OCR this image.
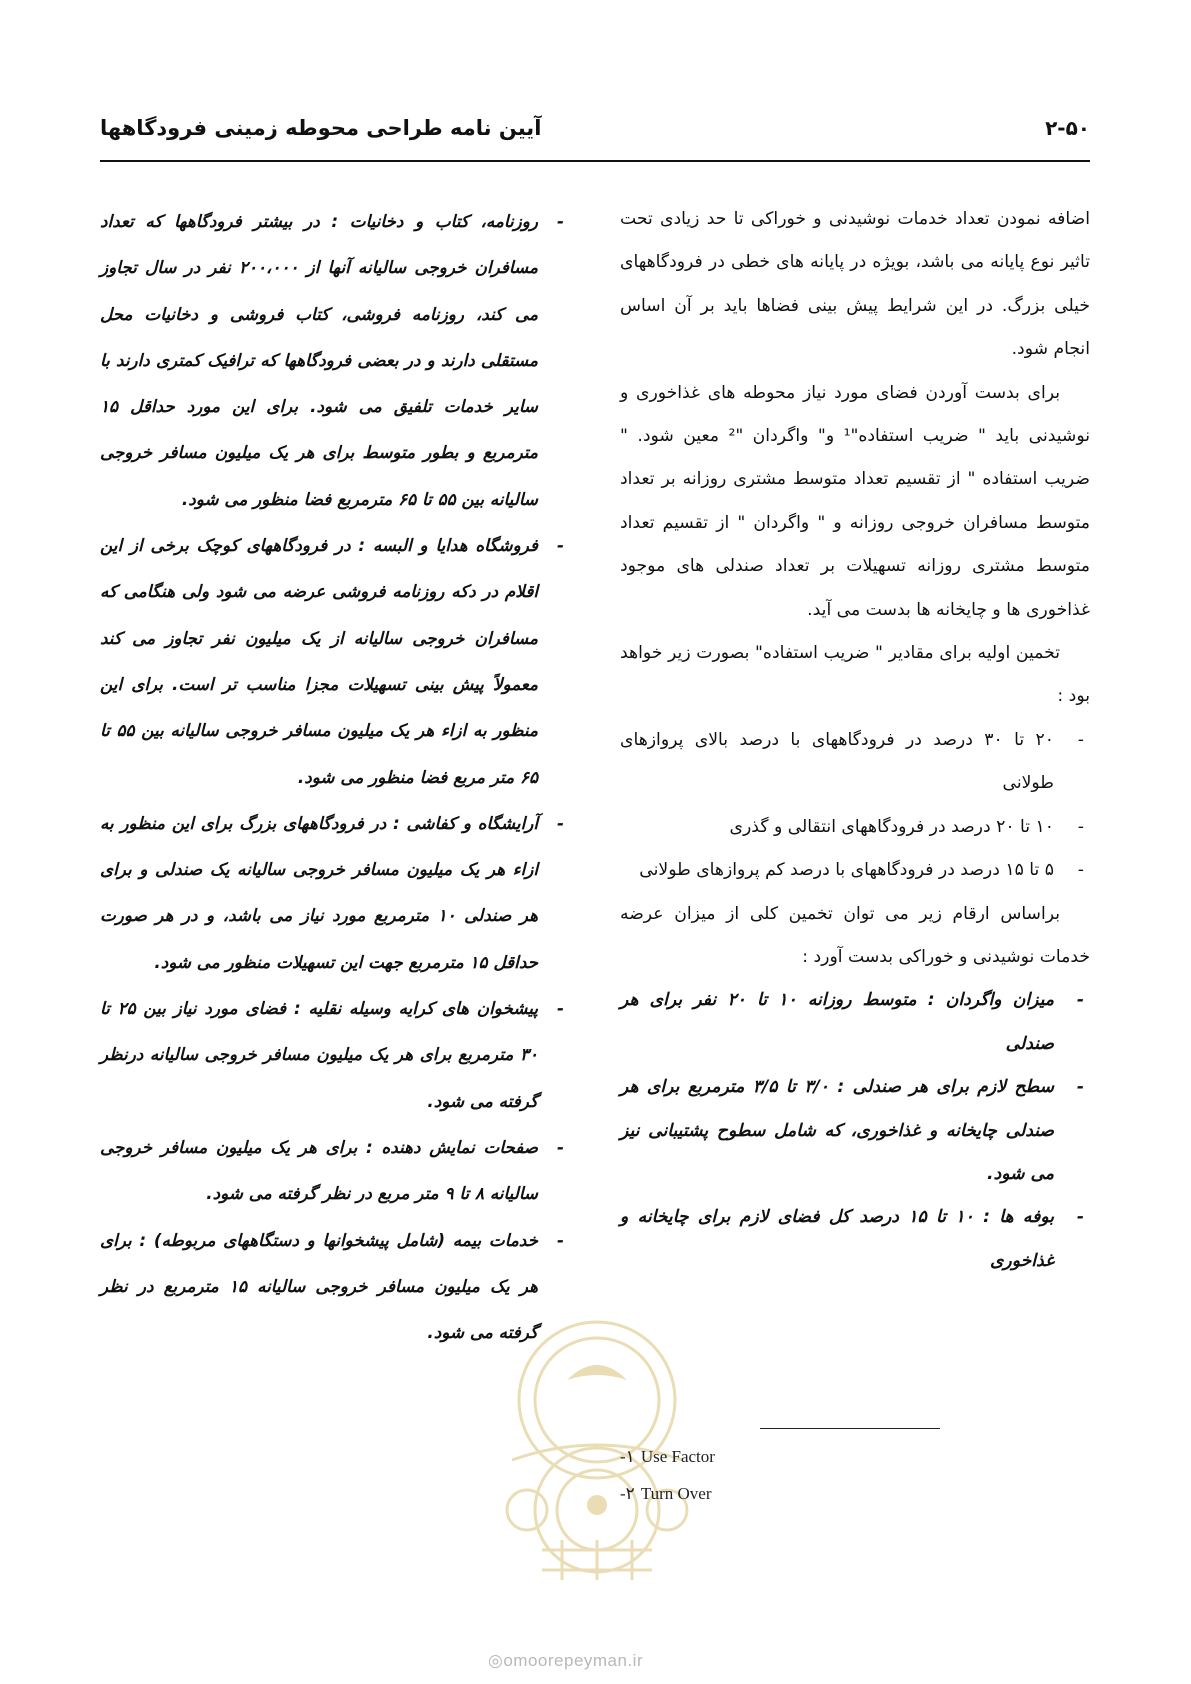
آیین نامه طراحی محوطه زمینی فرودگاهها	۲-۵۰

اضافه نمودن تعداد خدمات نوشیدنی و خوراکی تا حد زیادی تحت تاثیر نوع پایانه می باشد، بویژه در پایانه های خطی در فرودگاههای خیلی بزرگ. در این شرایط پیش بینی فضاها باید بر آن اساس انجام شود.

برای بدست آوردن فضای مورد نیاز محوطه های غذاخوری و نوشیدنی باید " ضریب استفاده"¹ و" واگردان "² معین شود. " ضریب استفاده " از تقسیم تعداد متوسط مشتری روزانه بر تعداد متوسط مسافران خروجی روزانه و " واگردان " از تقسیم تعداد متوسط مشتری روزانه تسهیلات بر تعداد صندلی های موجود غذاخوری ها و چایخانه ها بدست می آید.

تخمین اولیه برای مقادیر " ضریب استفاده" بصورت زیر خواهد بود :

-
۲۰ تا ۳۰ درصد در فرودگاههای با درصد بالای پروازهای طولانی
-
۱۰ تا ۲۰ درصد در فرودگاههای انتقالی و گذری
-
۵ تا ۱۵ درصد در فرودگاههای با درصد کم پروازهای طولانی

براساس ارقام زیر می توان تخمین کلی از میزان عرضه خدمات نوشیدنی و خوراکی بدست آورد :

-
میزان واگردان : متوسط روزانه ۱۰ تا ۲۰ نفر برای هر صندلی
-
سطح لازم برای هر صندلی : ۳/۰ تا ۳/۵ مترمربع برای هر صندلی چایخانه و غذاخوری، که شامل سطوح پشتیبانی نیز می شود.
-
بوفه ها : ۱۰ تا ۱۵ درصد کل فضای لازم برای چایخانه و غذاخوری
-
روزنامه، کتاب و دخانیات : در بیشتر فرودگاهها که تعداد مسافران خروجی سالیانه آنها از ۲۰۰،۰۰۰ نفر در سال تجاوز می کند، روزنامه فروشی، کتاب فروشی و دخانیات محل مستقلی دارند و در بعضی فرودگاهها که ترافیک کمتری دارند با سایر خدمات تلفیق می شود. برای این مورد حداقل ۱۵ مترمربع و بطور متوسط برای هر یک میلیون مسافر خروجی سالیانه بین ۵۵ تا ۶۵ مترمربع فضا منظور می شود.
-
فروشگاه هدایا و البسه : در فرودگاههای کوچک برخی از این اقلام در دکه روزنامه فروشی عرضه می شود ولی هنگامی که مسافران خروجی سالیانه از یک میلیون نفر تجاوز می کند معمولاً پیش بینی تسهیلات مجزا مناسب تر است. برای این منظور به ازاء هر یک میلیون مسافر خروجی سالیانه بین ۵۵ تا ۶۵ متر مربع فضا منظور می شود.
-
آرایشگاه و کفاشی : در فرودگاههای بزرگ برای این منظور به ازاء هر یک میلیون مسافر خروجی سالیانه یک صندلی و برای هر صندلی ۱۰ مترمربع مورد نیاز می باشد، و در هر صورت حداقل ۱۵ مترمربع جهت این تسهیلات منظور می شود.
-
پیشخوان های کرایه وسیله نقلیه : فضای مورد نیاز بین ۲۵ تا ۳۰ مترمربع برای هر یک میلیون مسافر خروجی سالیانه درنظر گرفته می شود.
-
صفحات نمایش دهنده : برای هر یک میلیون مسافر خروجی سالیانه ۸ تا ۹ متر مربع در نظر گرفته می شود.
-
خدمات بیمه (شامل پیشخوانها و دستگاههای مربوطه) : برای هر یک میلیون مسافر خروجی سالیانه ۱۵ مترمربع در نظر گرفته می شود.
۱- Use Factor
۲- Turn Over
◎omoorepeyman.ir
